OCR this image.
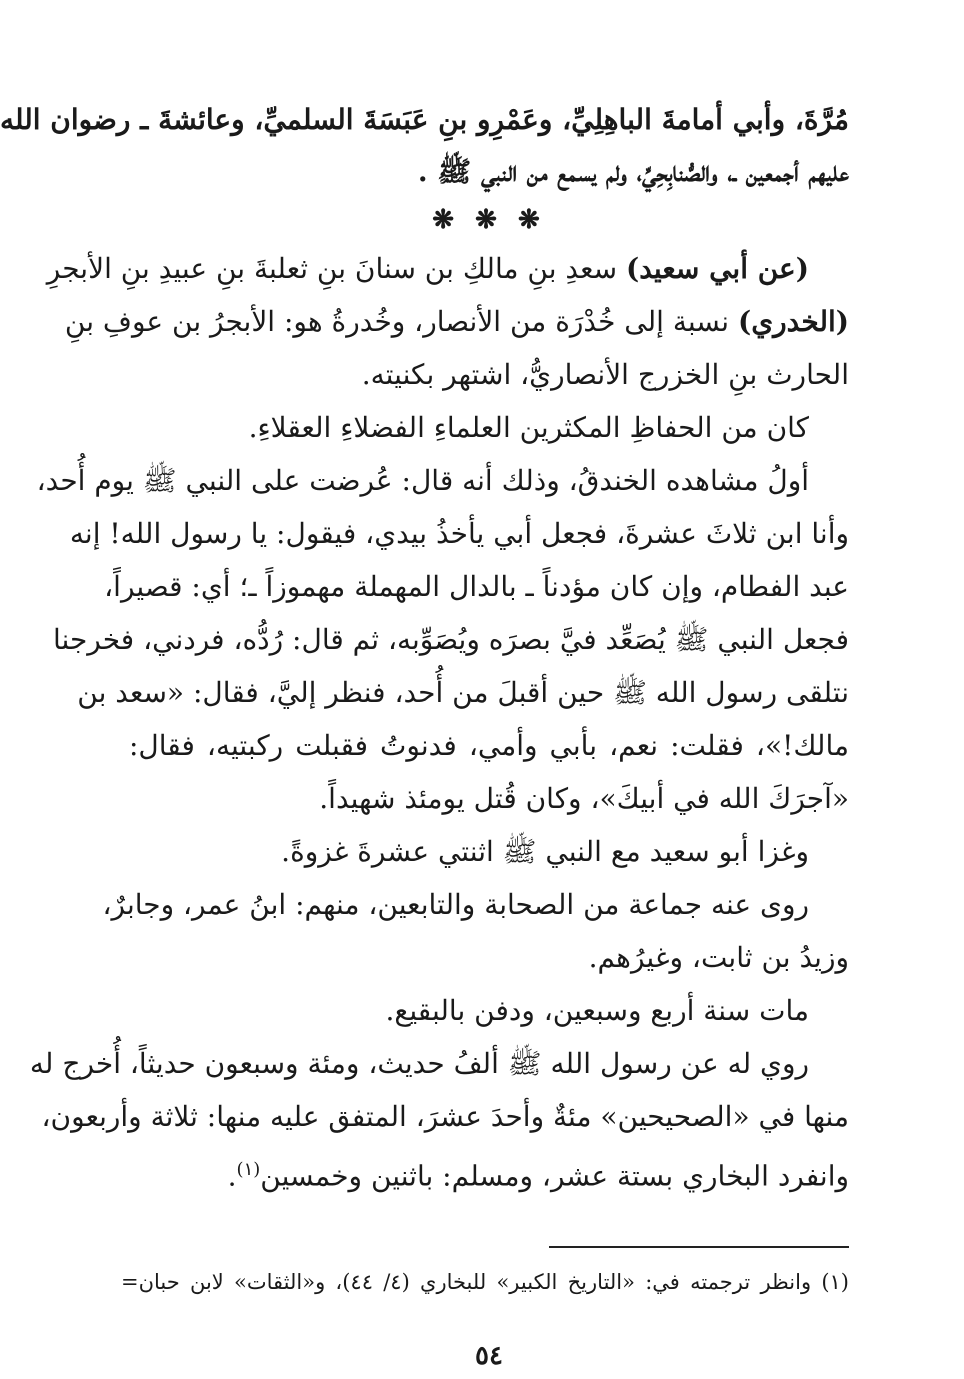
مُرَّةَ، وأبي أمامةَ الباهِلِيِّ، وعَمْرِو بنِ عَبَسَةَ السلميِّ، وعائشةَ ـ رضوان الله
عليهم أجمعين ـ، والصُّنابِحِيِّ، ولم يسمع من النبي ﷺ .
❋ ❋ ❋
(عن أبي سعيد) سعدِ بنِ مالكِ بن سنانَ بنِ ثعلبةَ بنِ عبيدِ بنِ الأبجرِ
(الخدري) نسبة إلى خُدْرَة من الأنصار، وخُدرةُ هو: الأبجرُ بن عوفِ بنِ
الحارث بنِ الخزرج الأنصاريُّ، اشتهر بكنيته.
كان من الحفاظِ المكثرين العلماءِ الفضلاءِ العقلاءِ.
أولُ مشاهده الخندقُ، وذلك أنه قال: عُرضت على النبي ﷺ يوم أُحد،
وأنا ابن ثلاثَ عشرةَ، فجعل أبي يأخذُ بيدي، فيقول: يا رسول الله! إنه
عبد الفطام، وإن كان مؤدناً ـ بالدال المهملة مهموزاً ـ؛ أي: قصيراً،
فجعل النبي ﷺ يُصَعِّد فيَّ بصرَه ويُصَوِّبه، ثم قال: رُدُّه، فردني، فخرجنا
نتلقى رسول الله ﷺ حين أقبلَ من أُحد، فنظر إليَّ، فقال: «سعد بن
مالك!»، فقلت: نعم، بأبي وأمي، فدنوتُ فقبلت ركبتيه، فقال:
«آجرَكَ الله في أبيكَ»، وكان قُتل يومئذ شهيداً.
وغزا أبو سعيد مع النبي ﷺ اثنتي عشرةَ غزوةً.
روى عنه جماعة من الصحابة والتابعين، منهم: ابنُ عمر، وجابرٌ،
وزيدُ بن ثابت، وغيرُهم.
مات سنة أربع وسبعين، ودفن بالبقيع.
روي له عن رسول الله ﷺ ألفُ حديث، ومئة وسبعون حديثاً، أُخرج له
منها في «الصحيحين» مئةٌ وأحدَ عشرَ، المتفق عليه منها: ثلاثة وأربعون،
وانفرد البخاري بستة عشر، ومسلم: باثنين وخمسين$^{(١)}$.
(١) وانظر ترجمته في: «التاريخ الكبير» للبخاري (٤/ ٤٤)، و«الثقات» لابن حبان=
٥٤
